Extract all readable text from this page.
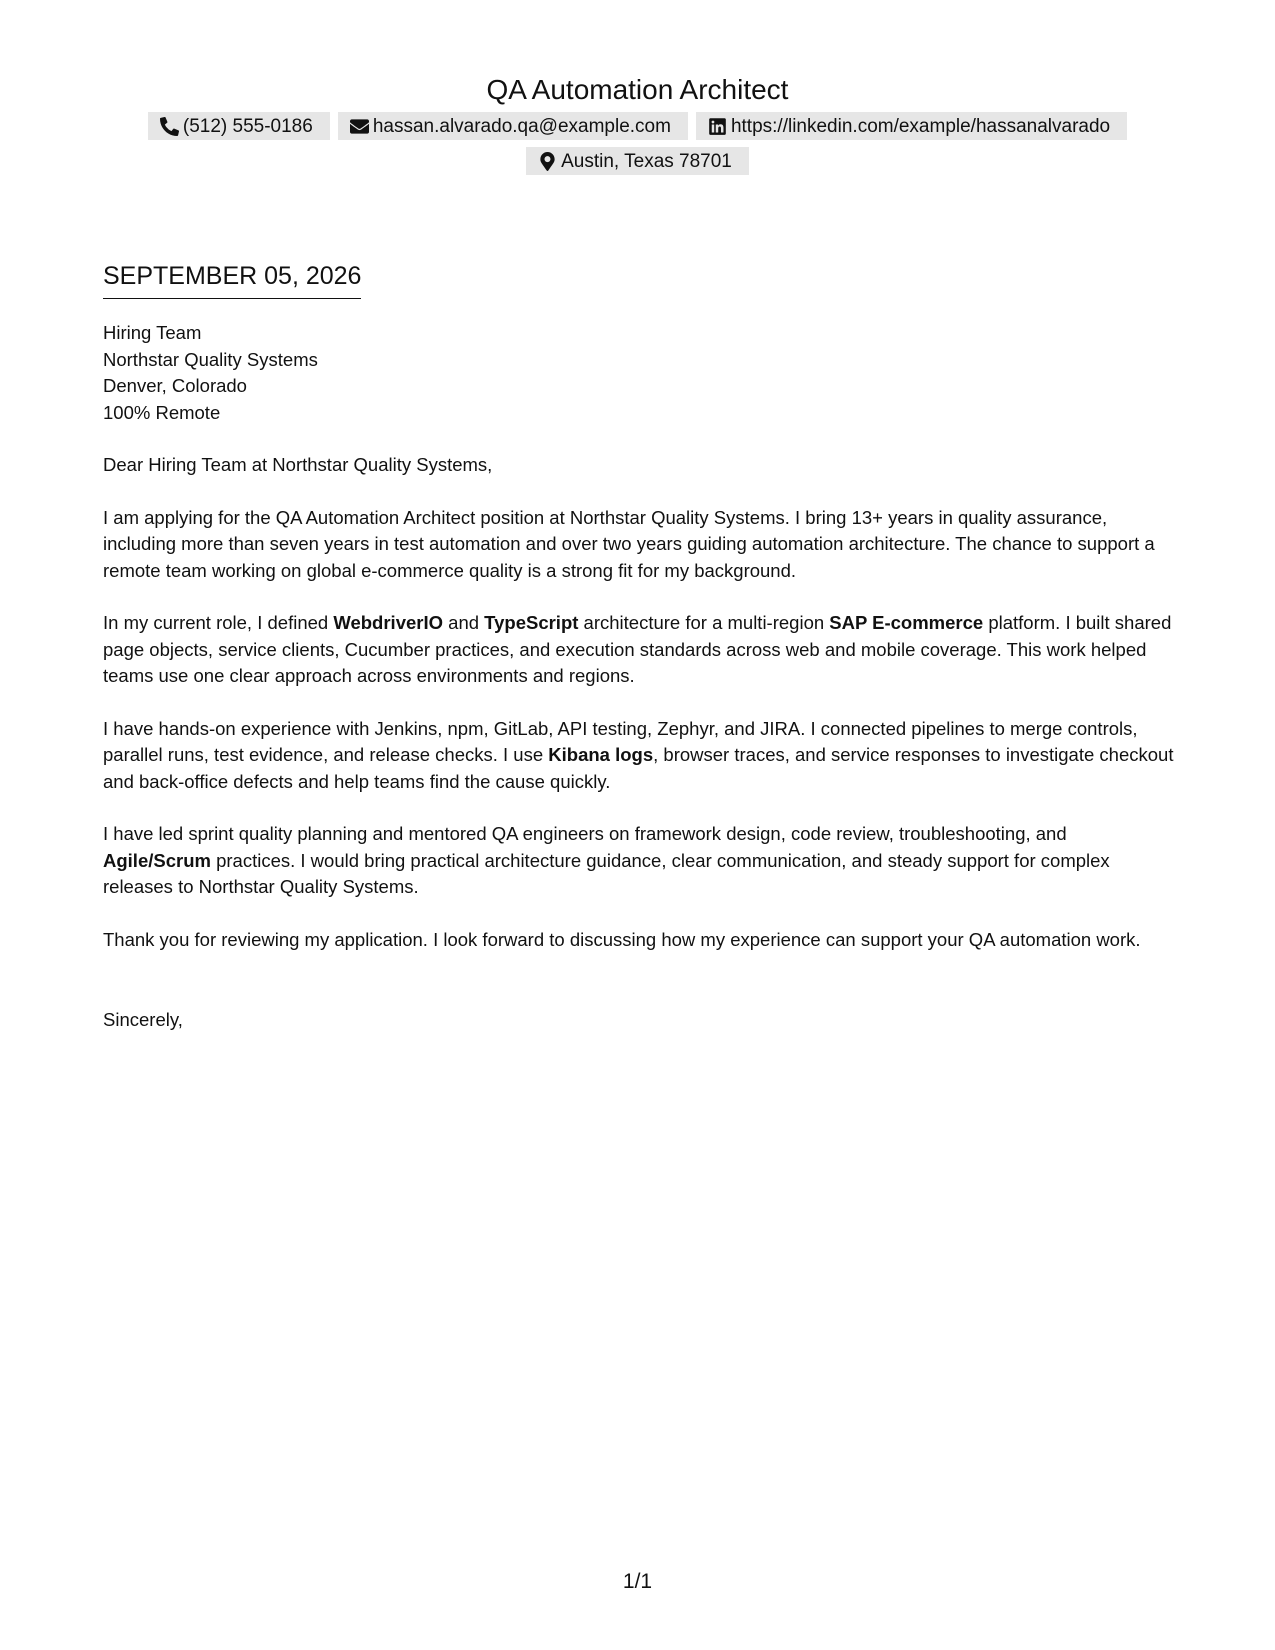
QA Automation Architect
(512) 555-0186	hassan.alvarado.qa@example.com	https://linkedin.com/example/hassanalvarado
Austin, Texas 78701
SEPTEMBER 05, 2026
Hiring Team
Northstar Quality Systems
Denver, Colorado
100% Remote

Dear Hiring Team at Northstar Quality Systems,

I am applying for the QA Automation Architect position at Northstar Quality Systems. I bring 13+ years in quality assurance, including more than seven years in test automation and over two years guiding automation architecture. The chance to support a remote team working on global e-commerce quality is a strong fit for my background.

In my current role, I defined WebdriverIO and TypeScript architecture for a multi-region SAP E-commerce platform. I built shared page objects, service clients, Cucumber practices, and execution standards across web and mobile coverage. This work helped teams use one clear approach across environments and regions.

I have hands-on experience with Jenkins, npm, GitLab, API testing, Zephyr, and JIRA. I connected pipelines to merge controls, parallel runs, test evidence, and release checks. I use Kibana logs, browser traces, and service responses to investigate checkout and back-office defects and help teams find the cause quickly.

I have led sprint quality planning and mentored QA engineers on framework design, code review, troubleshooting, and Agile/Scrum practices. I would bring practical architecture guidance, clear communication, and steady support for complex releases to Northstar Quality Systems.

Thank you for reviewing my application. I look forward to discussing how my experience can support your QA automation work.

Sincerely,

1/1
